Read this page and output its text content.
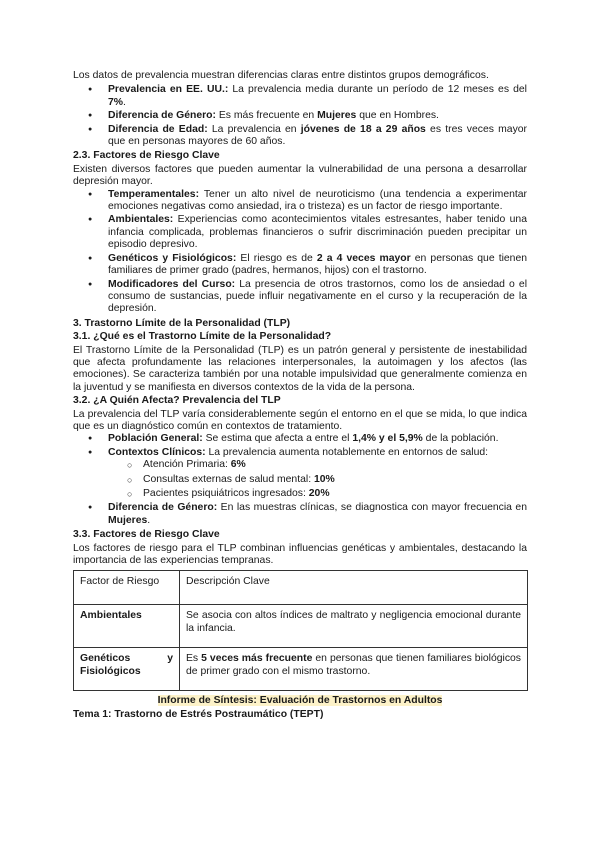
Los datos de prevalencia muestran diferencias claras entre distintos grupos demográficos.

● Prevalencia en EE. UU.: La prevalencia media durante un período de 12 meses es del 7%.
● Diferencia de Género: Es más frecuente en Mujeres que en Hombres.
● Diferencia de Edad: La prevalencia en jóvenes de 18 a 29 años es tres veces mayor que en personas mayores de 60 años.

2.3. Factores de Riesgo Clave

Existen diversos factores que pueden aumentar la vulnerabilidad de una persona a desarrollar depresión mayor.

● Temperamentales: Tener un alto nivel de neuroticismo (una tendencia a experimentar emociones negativas como ansiedad, ira o tristeza) es un factor de riesgo importante.
● Ambientales: Experiencias como acontecimientos vitales estresantes, haber tenido una infancia complicada, problemas financieros o sufrir discriminación pueden precipitar un episodio depresivo.
● Genéticos y Fisiológicos: El riesgo es de 2 a 4 veces mayor en personas que tienen familiares de primer grado (padres, hermanos, hijos) con el trastorno.
● Modificadores del Curso: La presencia de otros trastornos, como los de ansiedad o el consumo de sustancias, puede influir negativamente en el curso y la recuperación de la depresión.

3. Trastorno Límite de la Personalidad (TLP)

3.1. ¿Qué es el Trastorno Límite de la Personalidad?

El Trastorno Límite de la Personalidad (TLP) es un patrón general y persistente de inestabilidad que afecta profundamente las relaciones interpersonales, la autoimagen y los afectos (las emociones). Se caracteriza también por una notable impulsividad que generalmente comienza en la juventud y se manifiesta en diversos contextos de la vida de la persona.

3.2. ¿A Quién Afecta? Prevalencia del TLP

La prevalencia del TLP varía considerablemente según el entorno en el que se mida, lo que indica que es un diagnóstico común en contextos de tratamiento.

● Población General: Se estima que afecta a entre el 1,4% y el 5,9% de la población.
● Contextos Clínicos: La prevalencia aumenta notablemente en entornos de salud:
○ Atención Primaria: 6%
○ Consultas externas de salud mental: 10%
○ Pacientes psiquiátricos ingresados: 20%
● Diferencia de Género: En las muestras clínicas, se diagnostica con mayor frecuencia en Mujeres.

3.3. Factores de Riesgo Clave

Los factores de riesgo para el TLP combinan influencias genéticas y ambientales, destacando la importancia de las experiencias tempranas.

Factor de Riesgo	Descripción Clave
Ambientales	Se asocia con altos índices de maltrato y negligencia emocional durante la infancia.

Genéticos y
Fisiológicos	Es 5 veces más frecuente en personas que tienen familiares biológicos de primer grado con el mismo trastorno.

Informe de Síntesis: Evaluación de Trastornos en Adultos

Tema 1: Trastorno de Estrés Postraumático (TEPT)
